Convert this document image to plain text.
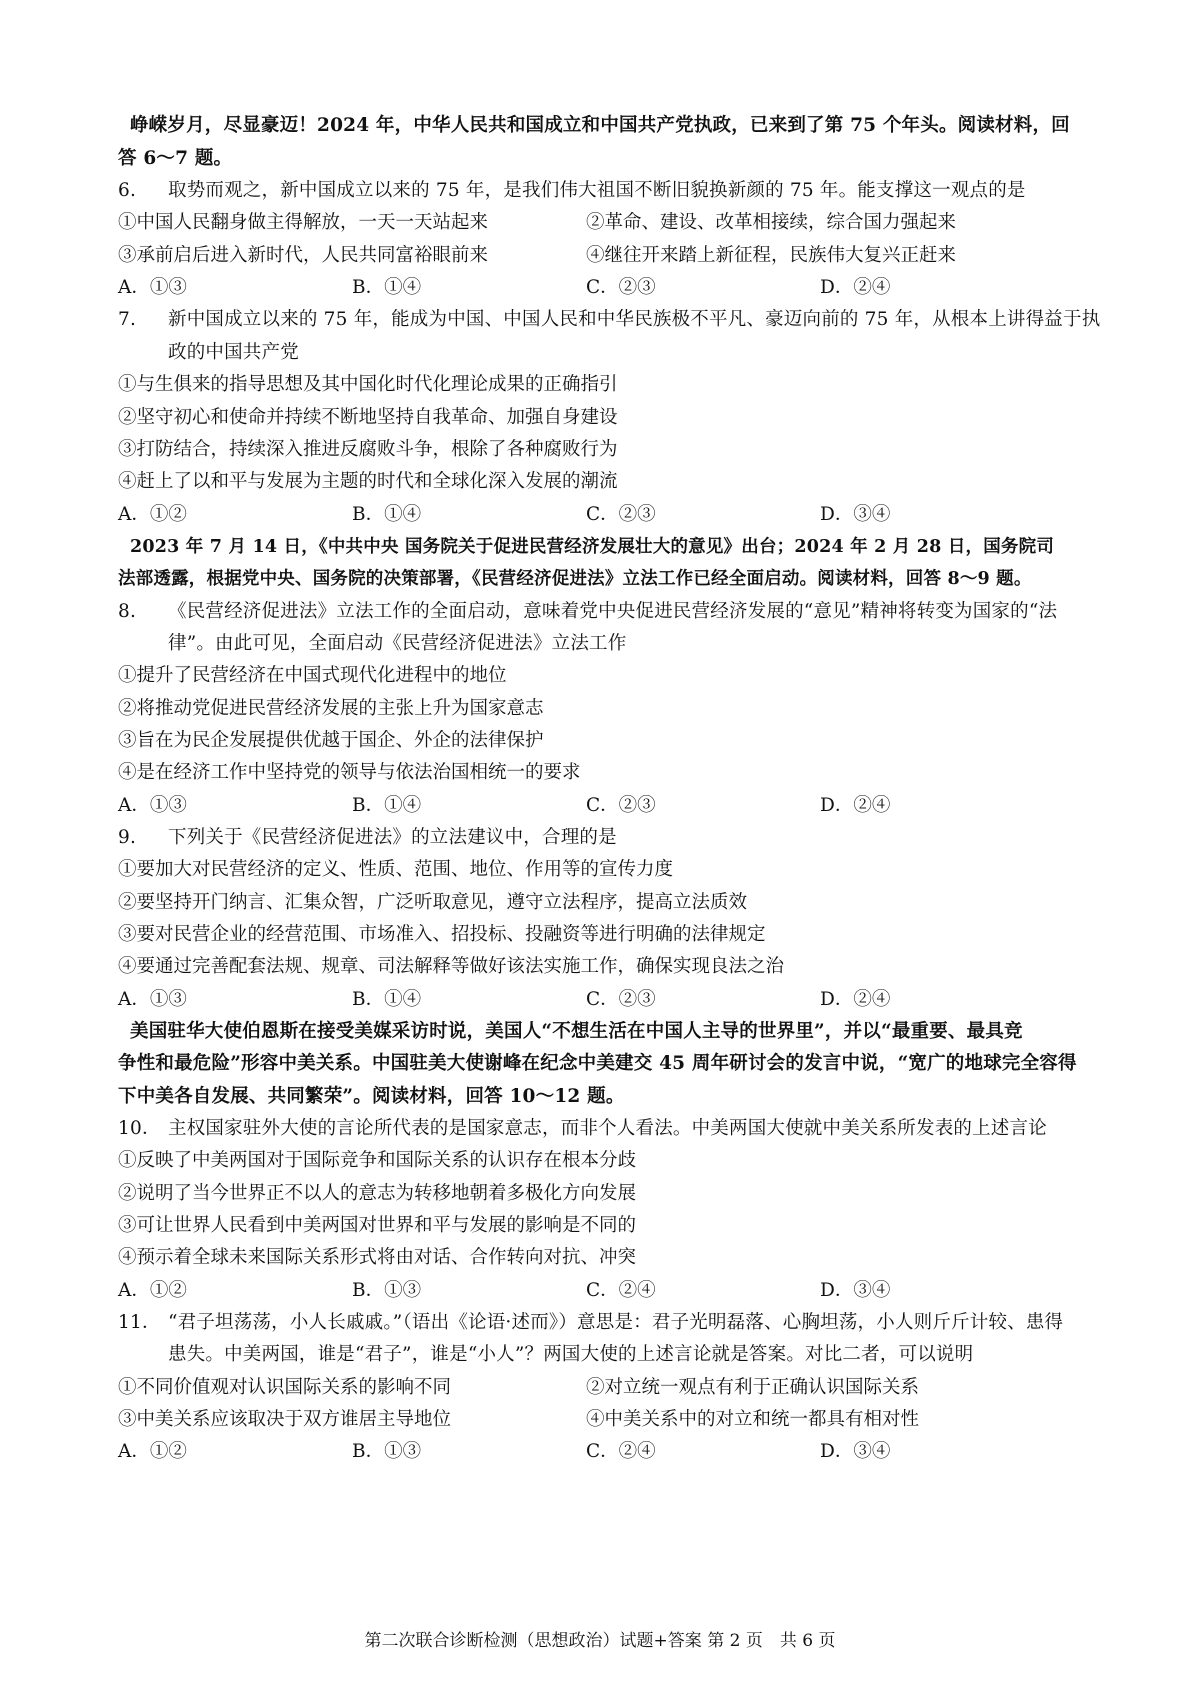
峥嵘岁月，尽显豪迈！2024 年，中华人民共和国成立和中国共产党执政，已来到了第 75 个年头。阅读材料，回
答 6～7 题。
6. 取势而观之，新中国成立以来的 75 年，是我们伟大祖国不断旧貌换新颜的 75 年。能支撑这一观点的是
①中国人民翻身做主得解放，一天一天站起来	②革命、建设、改革相接续，综合国力强起来
③承前启后进入新时代，人民共同富裕眼前来	④继往开来踏上新征程，民族伟大复兴正赶来
A．①③	B．①④	C．②③	D．②④
7. 新中国成立以来的 75 年，能成为中国、中国人民和中华民族极不平凡、豪迈向前的 75 年，从根本上讲得益于执
政的中国共产党
①与生俱来的指导思想及其中国化时代化理论成果的正确指引
②坚守初心和使命并持续不断地坚持自我革命、加强自身建设
③打防结合，持续深入推进反腐败斗争，根除了各种腐败行为
④赶上了以和平与发展为主题的时代和全球化深入发展的潮流
A．①②	B．①④	C．②③	D．③④
2023 年 7 月 14 日，《中共中央 国务院关于促进民营经济发展壮大的意见》出台；2024 年 2 月 28 日，国务院司
法部透露，根据党中央、国务院的决策部署，《民营经济促进法》立法工作已经全面启动。阅读材料，回答 8～9 题。
8. 《民营经济促进法》立法工作的全面启动，意味着党中央促进民营经济发展的“意见”精神将转变为国家的“法
律”。由此可见，全面启动《民营经济促进法》立法工作
①提升了民营经济在中国式现代化进程中的地位
②将推动党促进民营经济发展的主张上升为国家意志
③旨在为民企发展提供优越于国企、外企的法律保护
④是在经济工作中坚持党的领导与依法治国相统一的要求
A．①③	B．①④	C．②③	D．②④
9. 下列关于《民营经济促进法》的立法建议中，合理的是
①要加大对民营经济的定义、性质、范围、地位、作用等的宣传力度
②要坚持开门纳言、汇集众智，广泛听取意见，遵守立法程序，提高立法质效
③要对民营企业的经营范围、市场准入、招投标、投融资等进行明确的法律规定
④要通过完善配套法规、规章、司法解释等做好该法实施工作，确保实现良法之治
A．①③	B．①④	C．②③	D．②④
美国驻华大使伯恩斯在接受美媒采访时说，美国人“不想生活在中国人主导的世界里”，并以“最重要、最具竞
争性和最危险”形容中美关系。中国驻美大使谢峰在纪念中美建交 45 周年研讨会的发言中说，“宽广的地球完全容得
下中美各自发展、共同繁荣”。阅读材料，回答 10～12 题。
10． 主权国家驻外大使的言论所代表的是国家意志，而非个人看法。中美两国大使就中美关系所发表的上述言论
①反映了中美两国对于国际竞争和国际关系的认识存在根本分歧
②说明了当今世界正不以人的意志为转移地朝着多极化方向发展
③可让世界人民看到中美两国对世界和平与发展的影响是不同的
④预示着全球未来国际关系形式将由对话、合作转向对抗、冲突
A．①②	B．①③	C．②④	D．③④
11． “君子坦荡荡，小人长戚戚。”（语出《论语·述而》）意思是：君子光明磊落、心胸坦荡，小人则斤斤计较、患得
患失。中美两国，谁是“君子”，谁是“小人”？两国大使的上述言论就是答案。对比二者，可以说明
①不同价值观对认识国际关系的影响不同	②对立统一观点有利于正确认识国际关系
③中美关系应该取决于双方谁居主导地位	④中美关系中的对立和统一都具有相对性
A．①②	B．①③	C．②④	D．③④
第二次联合诊断检测（思想政治）试题+答案 第 2 页　共 6 页
